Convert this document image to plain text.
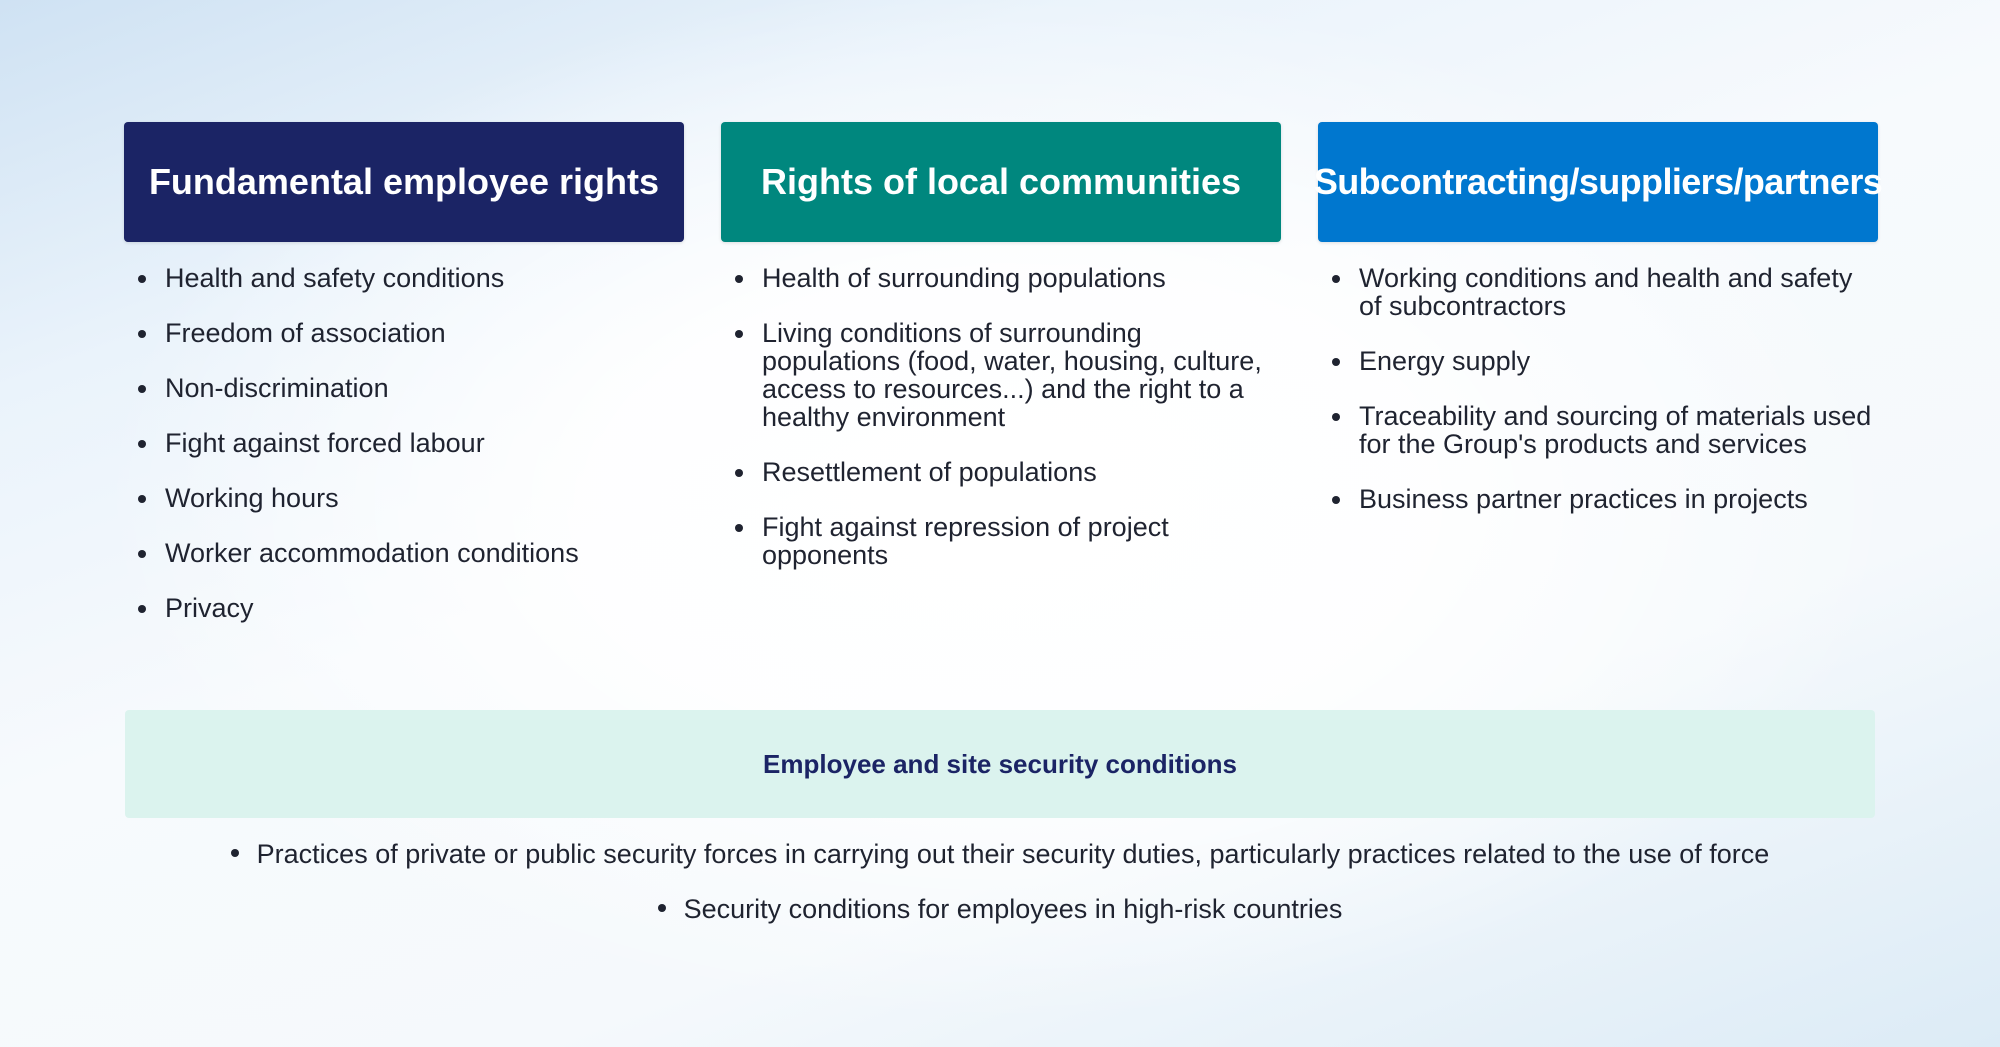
Fundamental employee rights
Health and safety conditions
Freedom of association
Non-discrimination
Fight against forced labour
Working hours
Worker accommodation conditions
Privacy
Rights of local communities
Health of surrounding populations
Living conditions of surrounding populations (food, water, housing, culture, access to resources...) and the right to a healthy environment
Resettlement of populations
Fight against repression of project opponents
Subcontracting/suppliers/partners
Working conditions and health and safety of subcontractors
Energy supply
Traceability and sourcing of materials used for the Group's products and services
Business partner practices in projects
Employee and site security conditions
Practices of private or public security forces in carrying out their security duties, particularly practices related to the use of force
Security conditions for employees in high-risk countries
